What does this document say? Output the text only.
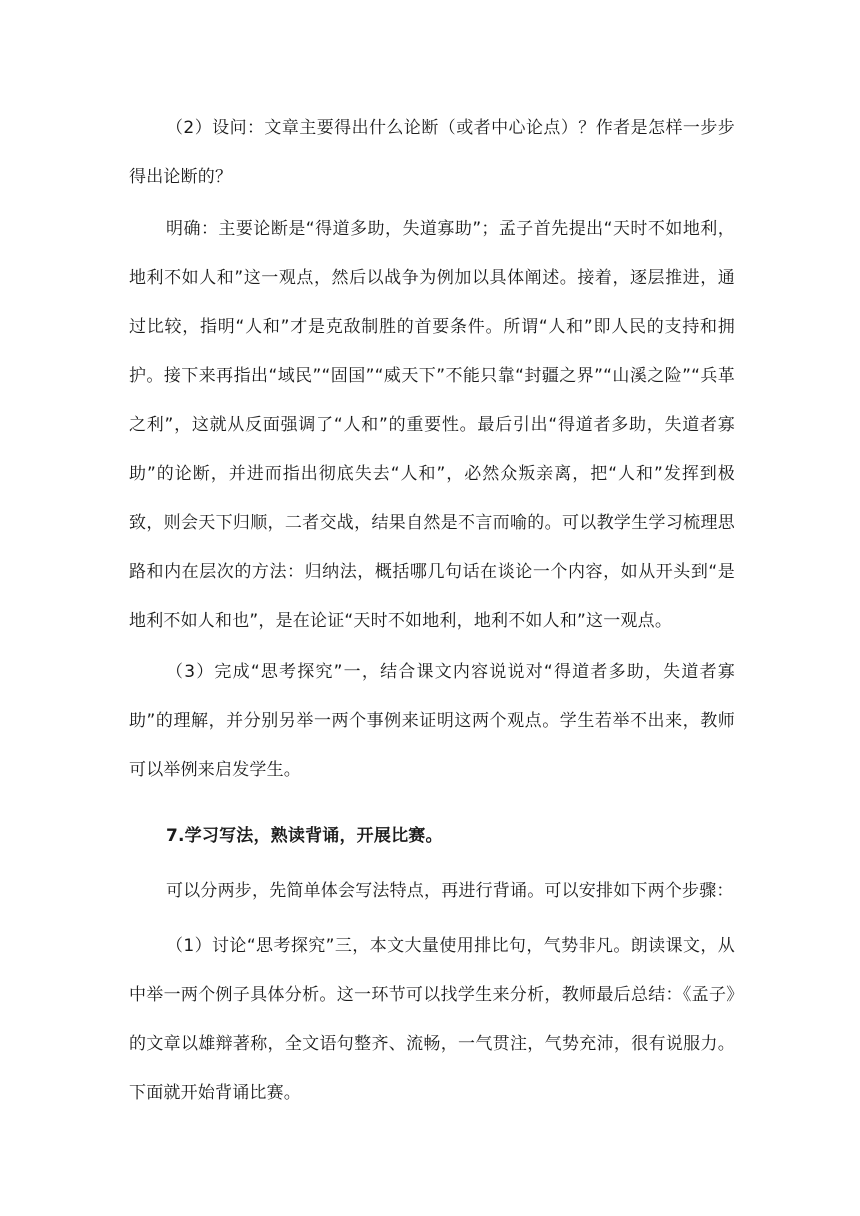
（2）设问：文章主要得出什么论断（或者中心论点）？作者是怎样一步步得出论断的？

明确：主要论断是“得道多助，失道寡助”；孟子首先提出“天时不如地利，地利不如人和”这一观点，然后以战争为例加以具体阐述。接着，逐层推进，通过比较，指明“人和”才是克敌制胜的首要条件。所谓“人和”即人民的支持和拥护。接下来再指出“域民”“固国”“威天下”不能只靠“封疆之界”“山溪之险”“兵革之利”，这就从反面强调了“人和”的重要性。最后引出“得道者多助，失道者寡助”的论断，并进而指出彻底失去“人和”，必然众叛亲离，把“人和”发挥到极致，则会天下归顺，二者交战，结果自然是不言而喻的。可以教学生学习梳理思路和内在层次的方法：归纳法，概括哪几句话在谈论一个内容，如从开头到“是地利不如人和也”，是在论证“天时不如地利，地利不如人和”这一观点。

（3）完成“思考探究”一，结合课文内容说说对“得道者多助，失道者寡助”的理解，并分别另举一两个事例来证明这两个观点。学生若举不出来，教师可以举例来启发学生。

7.学习写法，熟读背诵，开展比赛。

可以分两步，先简单体会写法特点，再进行背诵。可以安排如下两个步骤：

（1）讨论“思考探究”三，本文大量使用排比句，气势非凡。朗读课文，从中举一两个例子具体分析。这一环节可以找学生来分析，教师最后总结：《孟子》的文章以雄辩著称，全文语句整齐、流畅，一气贯注，气势充沛，很有说服力。下面就开始背诵比赛。
